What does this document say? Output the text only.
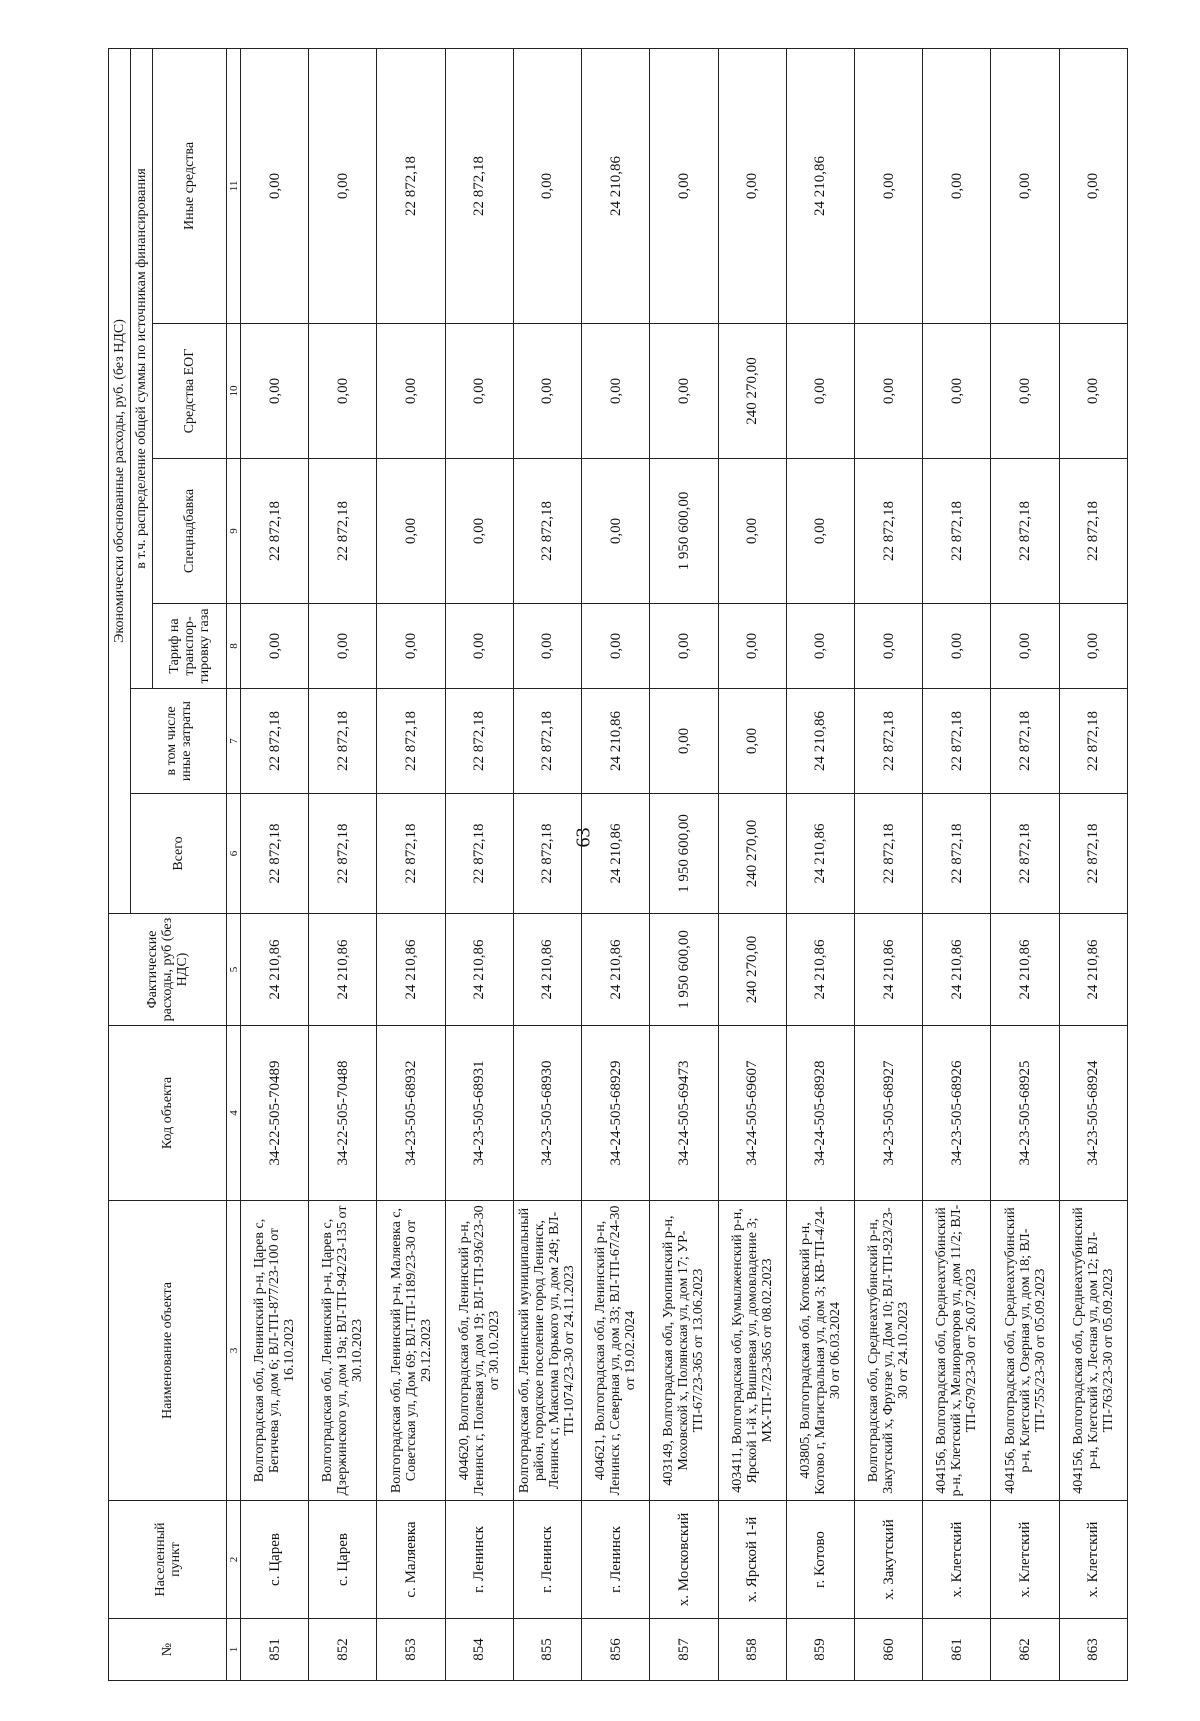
63
№	Населенный пункт	Наименование объекта	Код объекта	Фактические расходы, руб (без НДС)	Экономически обоснованные расходы, руб. (без НДС)					
					Всего	в том числе иные затраты	в т.ч. распределение общей суммы по источникам финансирования			
							Тариф на транспор- тировку газа	Спецнадбавка	Средства ЕОГ	Иные средства
1	2	3	4	5	6	7	8	9	10	11
851	с. Царев	Волгоградская обл, Ленинский р-н, Царев с, Бегичева ул, дом 6; ВЛ-ТП-877/23-100 от 16.10.2023	34-22-505-70489	24 210,86	22 872,18	22 872,18	0,00	22 872,18	0,00	0,00
852	с. Царев	Волгоградская обл, Ленинский р-н, Царев с, Дзержинского ул, дом 19а; ВЛ-ТП-942/23-135 от 30.10.2023	34-22-505-70488	24 210,86	22 872,18	22 872,18	0,00	22 872,18	0,00	0,00
853	с. Маляевка	Волгоградская обл, Ленинский р-н, Маляевка с, Советская ул, Дом 69; ВЛ-ТП-1189/23-30 от 29.12.2023	34-23-505-68932	24 210,86	22 872,18	22 872,18	0,00	0,00	0,00	22 872,18
854	г. Ленинск	404620, Волгоградская обл, Ленинский р-н, Ленинск г, Полевая ул, дом 19; ВЛ-ТП-936/23-30 от 30.10.2023	34-23-505-68931	24 210,86	22 872,18	22 872,18	0,00	0,00	0,00	22 872,18
855	г. Ленинск	Волгоградская обл, Ленинский муниципальный район, городское поселение город Ленинск, Ленинск г, Максима Горького ул, дом 249; ВЛ-ТП-1074/23-30 от 24.11.2023	34-23-505-68930	24 210,86	22 872,18	22 872,18	0,00	22 872,18	0,00	0,00
856	г. Ленинск	404621, Волгоградская обл, Ленинский р-н, Ленинск г, Северная ул, дом 33; ВЛ-ТП-67/24-30 от 19.02.2024	34-24-505-68929	24 210,86	24 210,86	24 210,86	0,00	0,00	0,00	24 210,86
857	х. Московский	403149, Волгоградская обл, Урюпинский р-н, Моховской х, Полянская ул, дом 17; УР-ТП-67/23-365 от 13.06.2023	34-24-505-69473	1 950 600,00	1 950 600,00	0,00	0,00	1 950 600,00	0,00	0,00
858	х. Ярской 1-й	403411, Волгоградская обл, Кумылженский р-н, Ярской 1-й х, Вишневая ул, домовладение 3; МХ-ТП-7/23-365 от 08.02.2023	34-24-505-69607	240 270,00	240 270,00	0,00	0,00	0,00	240 270,00	0,00
859	г. Котово	403805, Волгоградская обл, Котовский р-н, Котово г, Магистральная ул, дом 3; КВ-ТП-4/24-30 от 06.03.2024	34-24-505-68928	24 210,86	24 210,86	24 210,86	0,00	0,00	0,00	24 210,86
860	х. Закутский	Волгоградская обл, Среднеахтубинский р-н, Закутский х, Фрунзе ул, Дом 10; ВЛ-ТП-923/23-30 от 24.10.2023	34-23-505-68927	24 210,86	22 872,18	22 872,18	0,00	22 872,18	0,00	0,00
861	х. Клетский	404156, Волгоградская обл, Среднеахтубинский р-н, Клетский х, Мелиораторов ул, дом 11/2; ВЛ-ТП-679/23-30 от 26.07.2023	34-23-505-68926	24 210,86	22 872,18	22 872,18	0,00	22 872,18	0,00	0,00
862	х. Клетский	404156, Волгоградская обл, Среднеахтубинский р-н, Клетский х, Озерная ул, дом 18; ВЛ-ТП-755/23-30 от 05.09.2023	34-23-505-68925	24 210,86	22 872,18	22 872,18	0,00	22 872,18	0,00	0,00
863	х. Клетский	404156, Волгоградская обл, Среднеахтубинский р-н, Клетский х, Лесная ул, дом 12; ВЛ-ТП-763/23-30 от 05.09.2023	34-23-505-68924	24 210,86	22 872,18	22 872,18	0,00	22 872,18	0,00	0,00
